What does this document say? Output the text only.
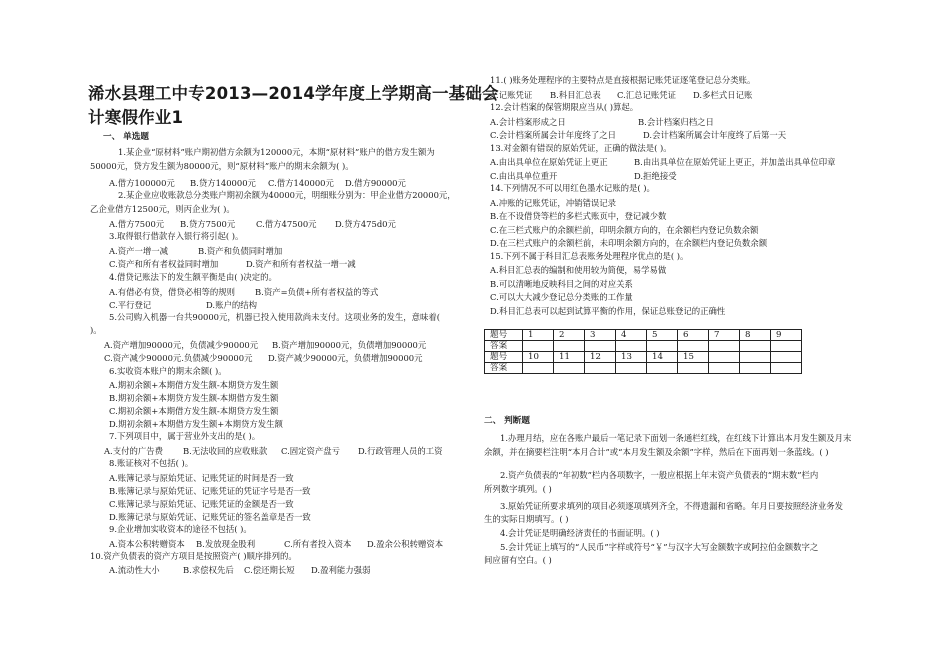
浠水县理工中专2013—2014学年度上学期高一基础会
计寒假作业1
一、 单选题
1.某企业“原材料”账户期初借方余额为120000元，本期“原材料”账户的借方发生额为
50000元，贷方发生额为80000元，则“原材料”账户的期末余额为( )。
A.借方100000元 B.贷方140000元 C.借方140000元 D.借方90000元
2.某企业应收账款总分类账户期初余额为40000元，明细账分别为：甲企业借方20000元，
乙企业借方12500元，则丙企业为( )。
A.借方7500元 B.贷方7500元 C.借方47500元 D.贷方475d0元
3.取得银行借款存入银行将引起( )。
A.资产一增一减	B.资产和负债同时增加
C.资产和所有者权益同时增加	D.资产和所有者权益一增一减
4.借贷记账法下的发生额平衡是由( )决定的。
A.有借必有贷，借贷必相等的规则 B.资产=负债+所有者权益的等式
C.平行登记	D.账户的结构
5.公司购入机器一台共90000元，机器已投入使用款尚未支付。这项业务的发生，意味着(
)。
A.资产增加90000元，负债减少90000元 B.资产增加90000元，负债增加90000元
C.资产减少90000元.负债减少90000元 D.资产减少90000元，负债增加90000元
6.实收资本账户的期末余额( )。
A.期初余额+本期借方发生额-本期贷方发生额
B.期初余额+本期贷方发生额-本期借方发生额
C.期初余额+本期借方发生额-本期贷方发生额
D.期初余额+本期借方发生额+本期贷方发生额
7.下列项目中，属于营业外支出的是( )。
A.支付的广告费 B.无法收回的应收账款 C.固定资产盘亏 D.行政管理人员的工资
8.账证核对不包括( )。
A.账簿记录与原始凭证、记账凭证的时间是否一致
B.账簿记录与原始凭证、记账凭证的凭证字号是否一致
C.账簿记录与原始凭证、记账凭证的金额是否一致
D.账簿记录与原始凭证、记账凭证的签名盖章是否一致
9.企业增加实收资本的途径不包括( )。
A.资本公积转赠资本 B.发放现金股利	C.所有者投入资本 D.盈余公积转赠资本
10.资产负债表的资产方项目是按照资产( )顺序排列的。
A.流动性大小	B.求偿权先后 C.偿还期长短 D.盈利能力强弱
11.( )账务处理程序的主要特点是直接根据记账凭证逐笔登记总分类账。
A.记账凭证 B.科目汇总表 C.汇总记账凭证 D.多栏式日记账
12.会计档案的保管期限应当从( )算起。
A.会计档案形成之日	B.会计档案归档之日
C.会计档案所属会计年度终了之日	D.会计档案所属会计年度终了后第一天
13.对金额有错误的原始凭证，正确的做法是( )。
A.由出具单位在原始凭证上更正	B.由出具单位在原始凭证上更正，并加盖出具单位印章
C.由出具单位重开	D.拒绝接受
14.下列情况不可以用红色墨水记账的是( )。
A.冲账的记账凭证，冲销错误记录
B.在不设借贷等栏的多栏式账页中，登记减少数
C.在三栏式账户的余额栏前，印明余额方向的，在余额栏内登记负数余额
D.在三栏式账户的余额栏前，未印明余额方向的，在余额栏内登记负数余额
15.下列不属于科目汇总表账务处理程序优点的是( )。
A.科目汇总表的编制和使用较为简便，易学易做
B.可以清晰地反映科目之间的对应关系
C.可以大大减少登记总分类账的工作量
D.科目汇总表可以起到试算平衡的作用，保证总账登记的正确性
题号	1	2	3	4	5	6	7	8	9
答案									
题号	10	11	12	13	14	15			
答案									
二、 判断题
1.办理月结，应在各账户最后一笔记录下面划一条通栏红线，在红线下计算出本月发生额及月末
余额，并在摘要栏注明“本月合计”或“本月发生额及余额”字样，然后在下面再划一条蓝线。( )
2.资产负债表的“年初数”栏内各项数字，一般应根据上年末资产负债表的“期末数”栏内
所列数字填列。( )
3.原始凭证所要求填列的项目必须逐项填列齐全，不得遗漏和省略。年月日要按照经济业务发
生的实际日期填写。( )
4.会计凭证是明确经济责任的书面证明。( )
5.会计凭证上填写的“人民币”字样或符号“￥”与汉字大写金额数字或阿拉伯金额数字之
间应留有空白。( )
